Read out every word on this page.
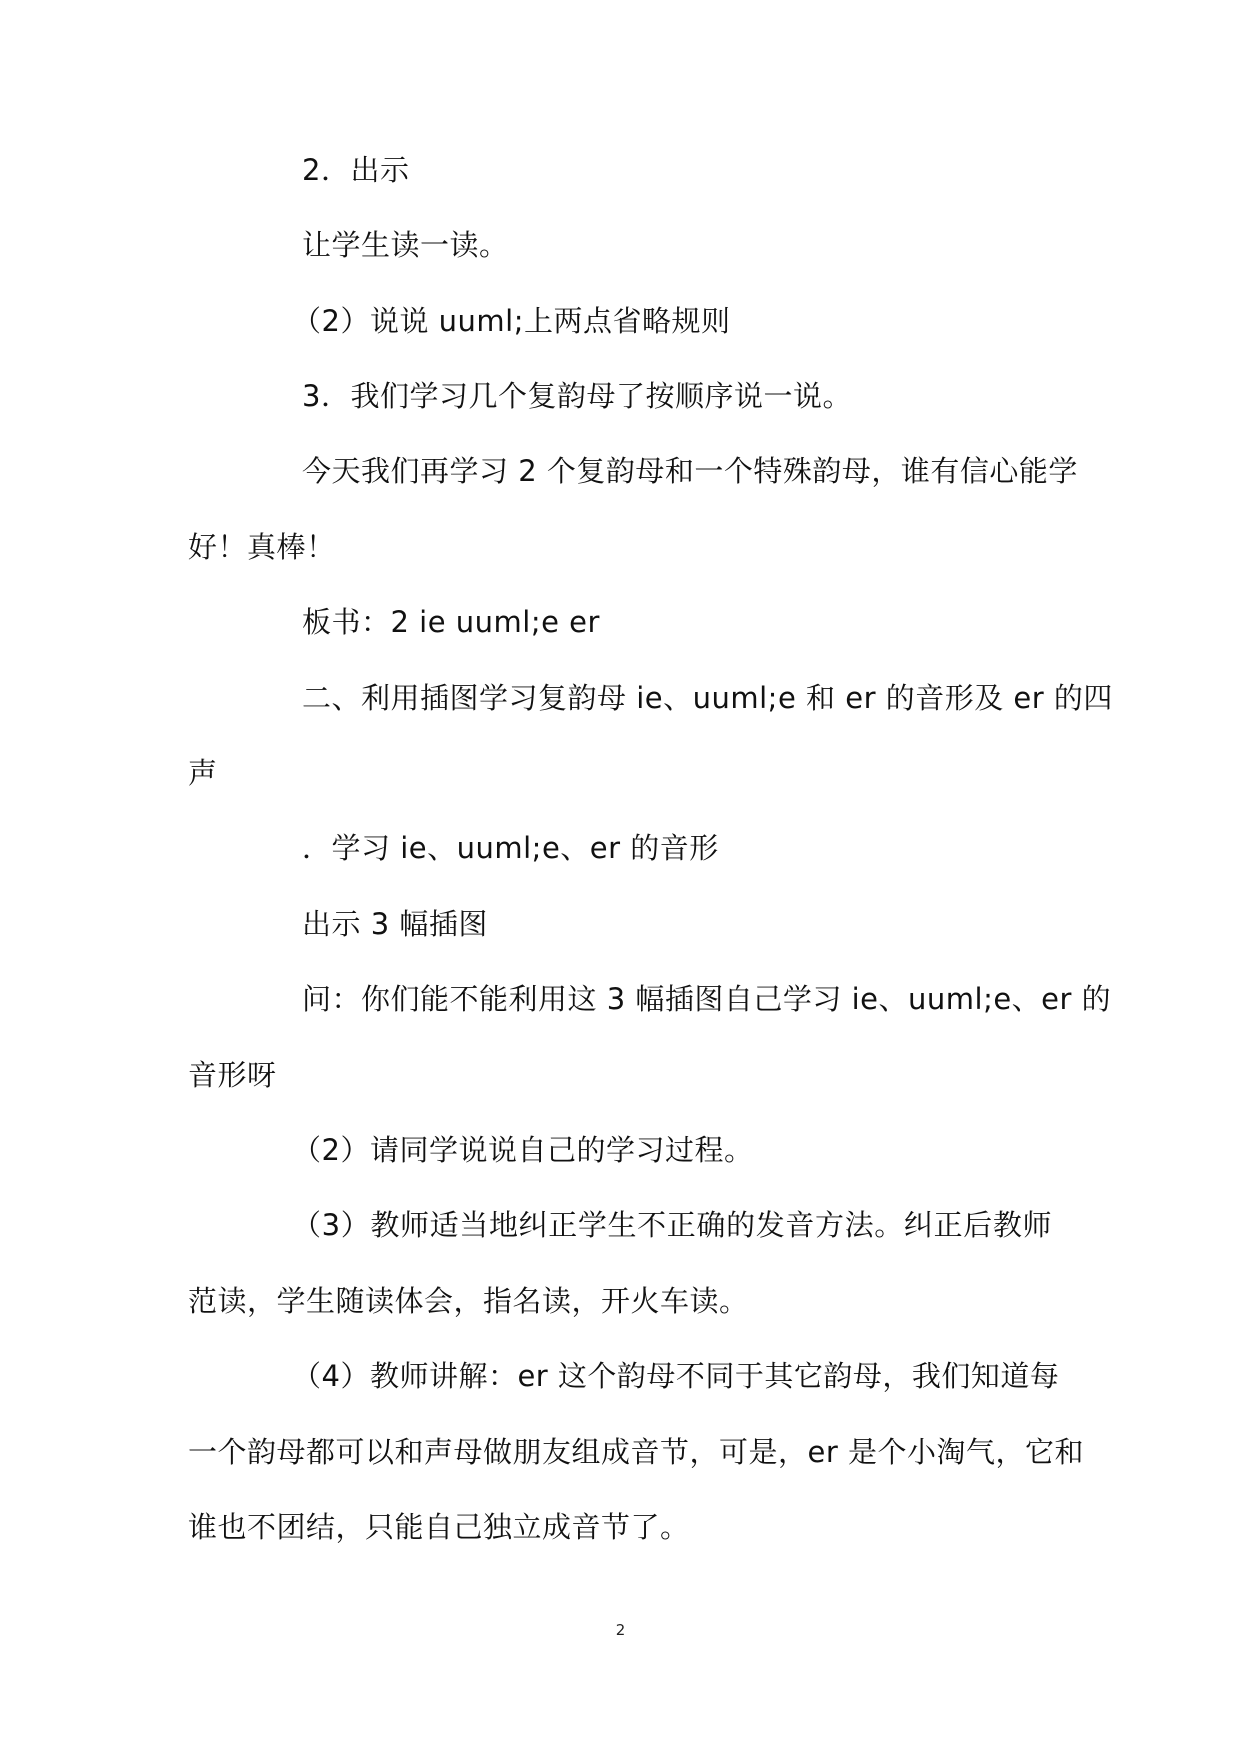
2．出示
让学生读一读。
（2）说说 uuml;上两点省略规则
3．我们学习几个复韵母了按顺序说一说。
今天我们再学习 2 个复韵母和一个特殊韵母，谁有信心能学
好！真棒！
板书：2 ie uuml;e er
二、利用插图学习复韵母 ie、uuml;e 和 er 的音形及 er 的四
声
．学习 ie、uuml;e、er 的音形
出示 3 幅插图
问：你们能不能利用这 3 幅插图自己学习 ie、uuml;e、er 的
音形呀
（2）请同学说说自己的学习过程。
（3）教师适当地纠正学生不正确的发音方法。纠正后教师
范读，学生随读体会，指名读，开火车读。
（4）教师讲解：er 这个韵母不同于其它韵母，我们知道每
一个韵母都可以和声母做朋友组成音节，可是，er 是个小淘气，它和
谁也不团结，只能自己独立成音节了。
2
